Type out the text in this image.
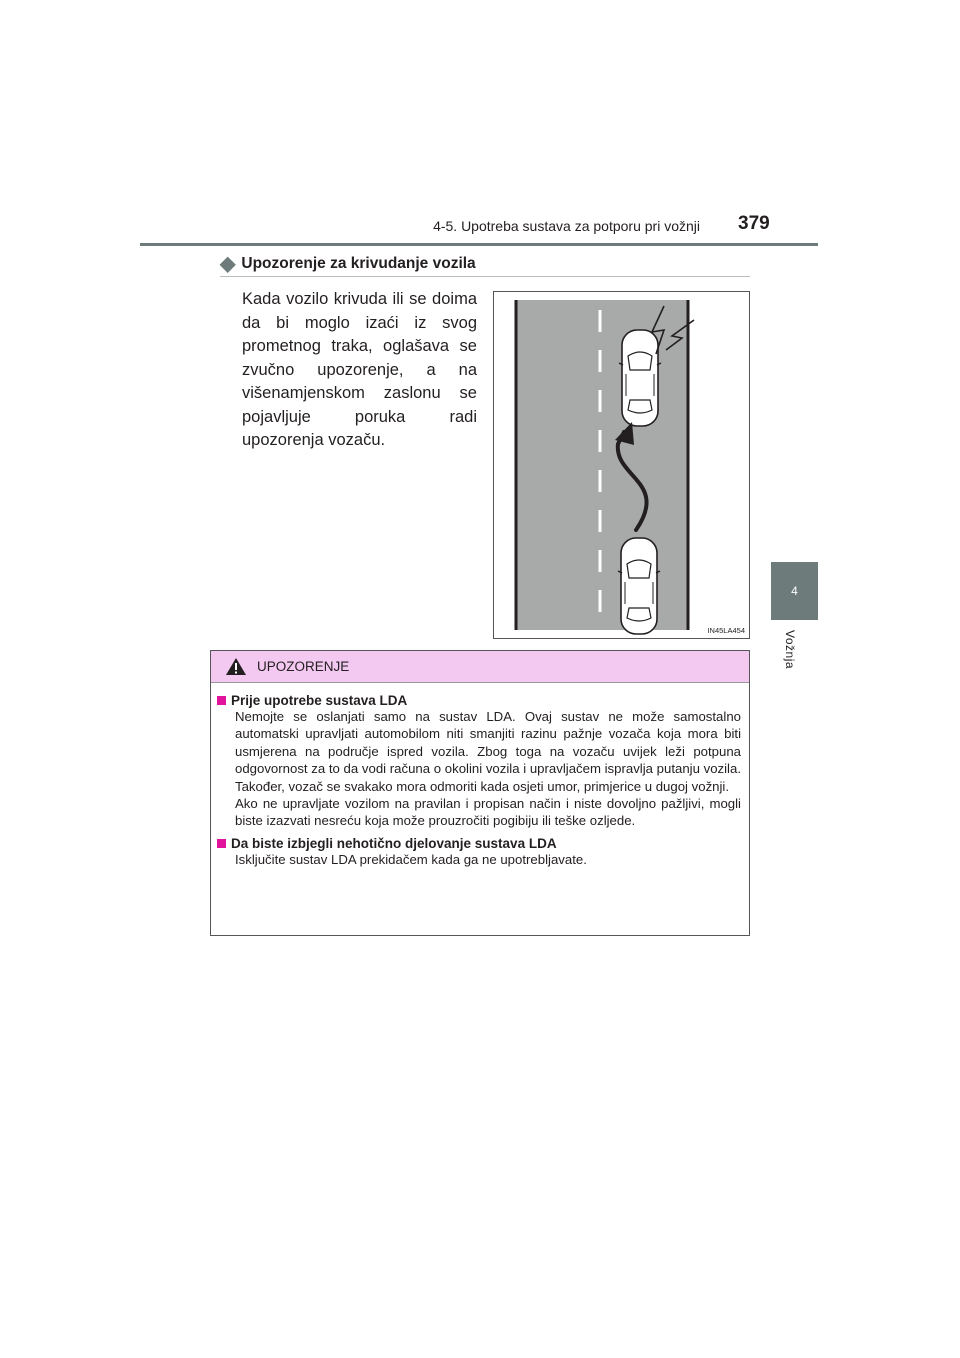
4-5. Upotreba sustava za potporu pri vožnji 379
4
Vožnja
◆ Upozorenje za krivudanje vozila
Kada vozilo krivuda ili se doima da bi moglo izaći iz svog prometnog traka, oglašava se zvučno upozorenje, a na višenamjenskom zaslonu se pojavljuje poruka radi upozorenja vozaču.
IN45LA454
UPOZORENJE
Prije upotrebe sustava LDA
Nemojte se oslanjati samo na sustav LDA. Ovaj sustav ne može samostalno automatski upravljati automobilom niti smanjiti razinu pažnje vozača koja mora biti usmjerena na područje ispred vozila. Zbog toga na vozaču uvijek leži potpuna odgovornost za to da vodi računa o okolini vozila i upravljačem ispravlja putanju vozila. Također, vozač se svakako mora odmoriti kada osjeti umor, primjerice u dugoj vožnji.
Ako ne upravljate vozilom na pravilan i propisan način i niste dovoljno pažljivi, mogli biste izazvati nesreću koja može prouzročiti pogibiju ili teške ozljede.
Da biste izbjegli nehotično djelovanje sustava LDA
Isključite sustav LDA prekidačem kada ga ne upotrebljavate.
